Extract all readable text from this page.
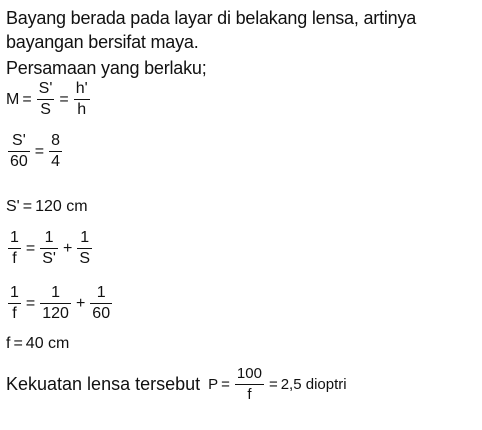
Bayang berada pada layar di belakang lensa, artinya
bayangan bersifat maya.
Persamaan yang berlaku;
$M = \frac{S'}{S} = \frac{h'}{h}$
$\frac{S'}{60} = \frac{8}{4}$
S' = 120 cm
$\frac{1}{f} = \frac{1}{S'} + \frac{1}{S}$
$\frac{1}{f} = \frac{1}{120} + \frac{1}{60}$
f = 40 cm
Kekuatan lensa tersebut $P = \frac{100}{f} = 2,5$ dioptri
